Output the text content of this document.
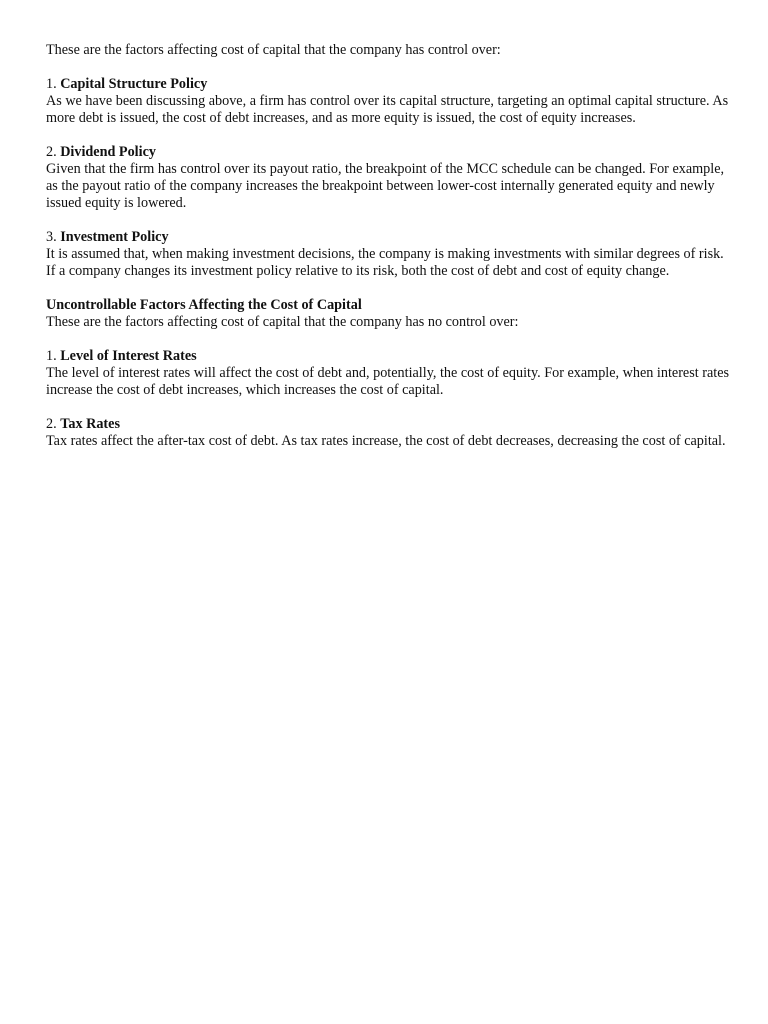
These are the factors affecting cost of capital that the company has control over:

1. Capital Structure Policy

As we have been discussing above, a firm has control over its capital structure, targeting an optimal capital structure. As more debt is issued, the cost of debt increases, and as more equity is issued, the cost of equity increases.

2. Dividend Policy

Given that the firm has control over its payout ratio, the breakpoint of the MCC schedule can be changed. For example, as the payout ratio of the company increases the breakpoint between lower-cost internally generated equity and newly issued equity is lowered.

3. Investment Policy

It is assumed that, when making investment decisions, the company is making investments with similar degrees of risk. If a company changes its investment policy relative to its risk, both the cost of debt and cost of equity change.

Uncontrollable Factors Affecting the Cost of Capital

These are the factors affecting cost of capital that the company has no control over:

1. Level of Interest Rates

The level of interest rates will affect the cost of debt and, potentially, the cost of equity. For example, when interest rates increase the cost of debt increases, which increases the cost of capital.

2. Tax Rates

Tax rates affect the after-tax cost of debt. As tax rates increase, the cost of debt decreases, decreasing the cost of capital.
